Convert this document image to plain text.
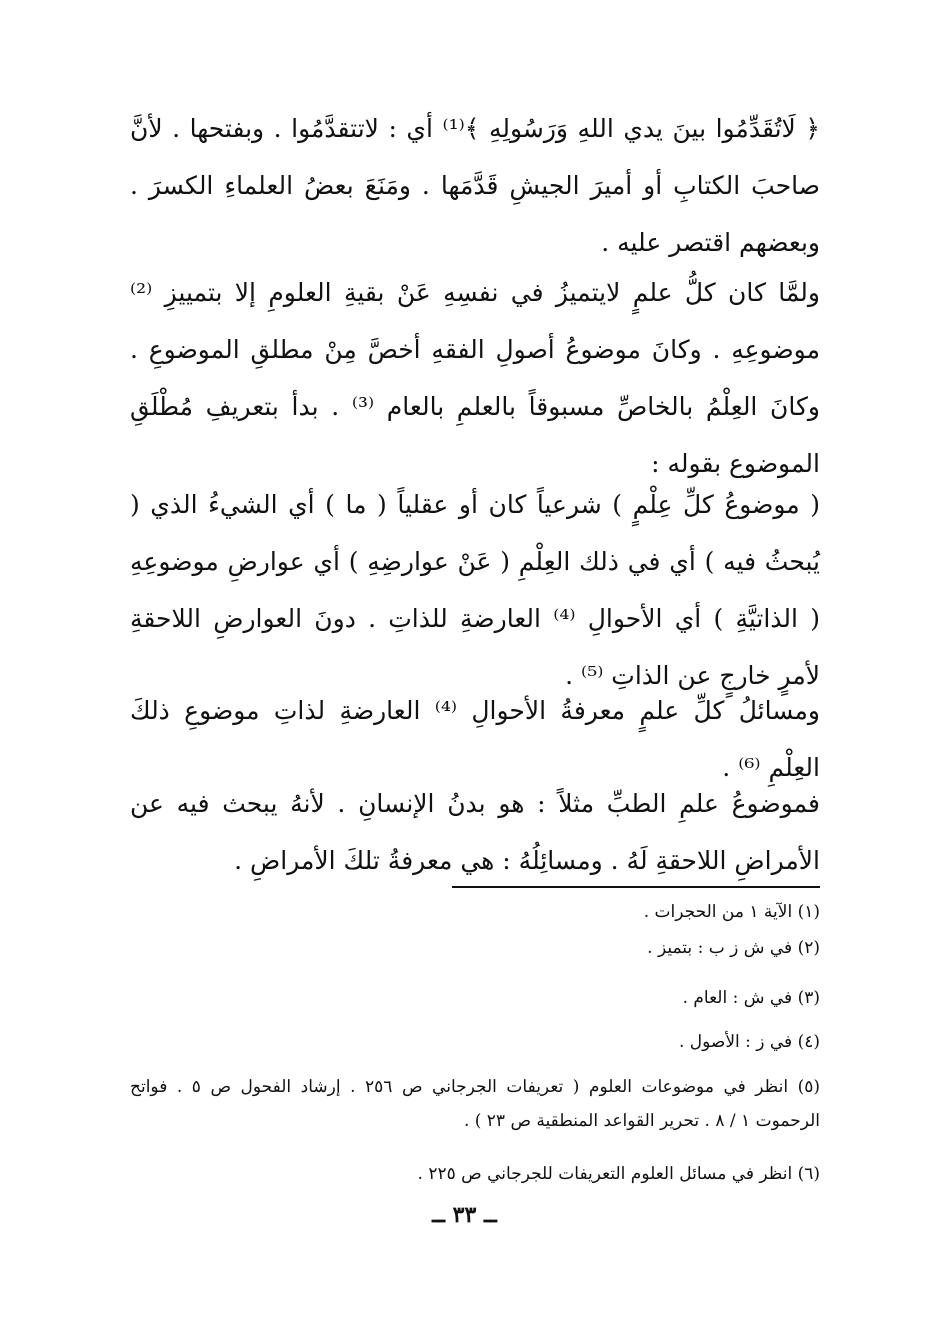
﴿ لَاتُقَدِّمُوا بينَ يدي اللهِ وَرَسُولِهِ ﴾⁽¹⁾ أي : لاتتقدَّمُوا . وبفتحها . لأنَّ صاحبَ الكتابِ أو أميرَ الجيشِ قَدَّمَها . ومَنَعَ بعضُ العلماءِ الكسرَ . وبعضهم اقتصر عليه .

ولمَّا كان كلُّ علمٍ لايتميزُ في نفسِهِ عَنْ بقيةِ العلومِ إلا بتمييزِ ⁽²⁾ موضوعِهِ . وكانَ موضوعُ أصولِ الفقهِ أخصَّ مِنْ مطلقِ الموضوعِ . وكانَ العِلْمُ بالخاصِّ مسبوقاً بالعلمِ بالعام ⁽³⁾ . بدأ بتعريفِ مُطْلَقِ الموضوع بقوله :

( موضوعُ كلِّ عِلْمٍ ) شرعياً كان أو عقلياً ( ما ) أي الشيءُ الذي ( يُبحثُ فيه ) أي في ذلك العِلْمِ ( عَنْ عوارضِهِ ) أي عوارضِ موضوعِهِ ( الذاتيَّةِ ) أي الأحوالِ ⁽⁴⁾ العارضةِ للذاتِ . دونَ العوارضِ اللاحقةِ لأمرٍ خارجٍ عن الذاتِ ⁽⁵⁾ .

ومسائلُ كلِّ علمٍ معرفةُ الأحوالِ ⁽⁴⁾ العارضةِ لذاتِ موضوعِ ذلكَ العِلْمِ ⁽⁶⁾ .

فموضوعُ علمِ الطبِّ مثلاً : هو بدنُ الإنسانِ . لأنهُ يبحث فيه عن الأمراضِ اللاحقةِ لَهُ . ومسائِلُهُ : هي معرفةُ تلكَ الأمراضِ .

(١) الآية ١ من الحجرات .
(٢) في ش ز ب : بتميز .
(٣) في ش : العام .
(٤) في ز : الأصول .
(٥) انظر في موضوعات العلوم ( تعريفات الجرجاني ص ٢٥٦ . إرشاد الفحول ص ٥ . فواتح الرحموت ١ / ٨ . تحرير القواعد المنطقية ص ٢٣ ) .
(٦) انظر في مسائل العلوم التعريفات للجرجاني ص ٢٢٥ .
ــ ٣٣ ــ
